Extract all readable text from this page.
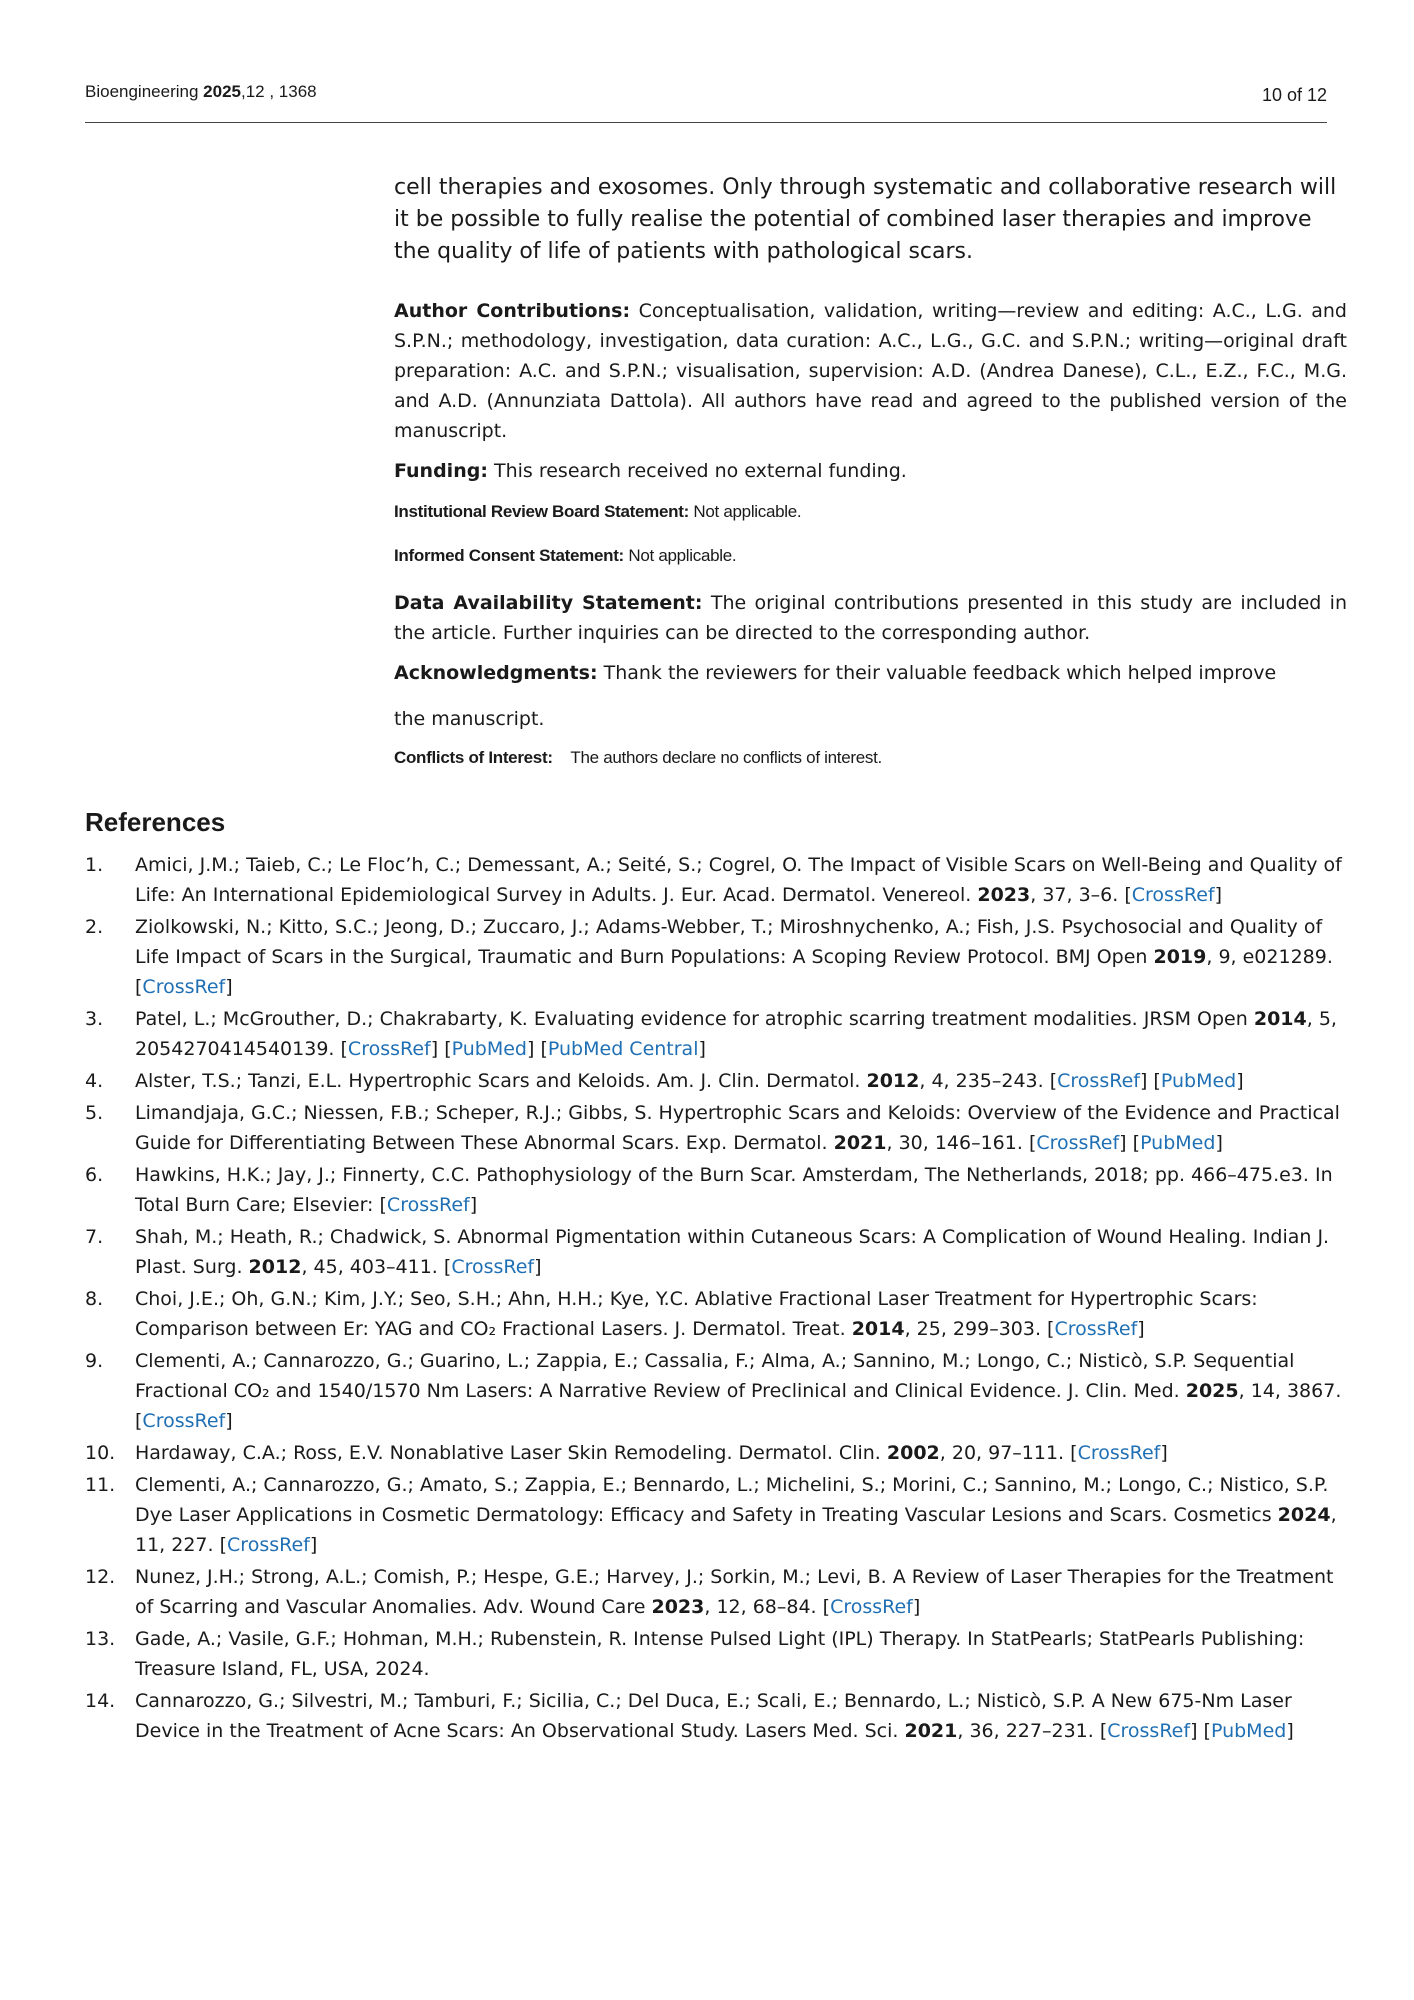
Bioengineering 2025,12 , 1368	10 of 12

cell therapies and exosomes. Only through systematic and collaborative research will it be possible to fully realise the potential of combined laser therapies and improve the quality of life of patients with pathological scars.

Author Contributions: Conceptualisation, validation, writing—review and editing: A.C., L.G. and S.P.N.; methodology, investigation, data curation: A.C., L.G., G.C. and S.P.N.; writing—original draft preparation: A.C. and S.P.N.; visualisation, supervision: A.D. (Andrea Danese), C.L., E.Z., F.C., M.G. and A.D. (Annunziata Dattola). All authors have read and agreed to the published version of the manuscript.

Funding: This research received no external funding.

Institutional Review Board Statement: Not applicable.

Informed Consent Statement: Not applicable.

Data Availability Statement: The original contributions presented in this study are included in the article. Further inquiries can be directed to the corresponding author.

Acknowledgments: Thank the reviewers for their valuable feedback which helped improve

the manuscript.

Conflicts of Interest: The authors declare no conflicts of interest.

References
1. Amici, J.M.; Taieb, C.; Le Floc’h, C.; Demessant, A.; Seité, S.; Cogrel, O. The Impact of Visible Scars on Well-Being and Quality of Life: An International Epidemiological Survey in Adults. J. Eur. Acad. Dermatol. Venereol. 2023, 37, 3–6. [CrossRef]
2. Ziolkowski, N.; Kitto, S.C.; Jeong, D.; Zuccaro, J.; Adams-Webber, T.; Miroshnychenko, A.; Fish, J.S. Psychosocial and Quality of Life Impact of Scars in the Surgical, Traumatic and Burn Populations: A Scoping Review Protocol. BMJ Open 2019, 9, e021289. [CrossRef]
3. Patel, L.; McGrouther, D.; Chakrabarty, K. Evaluating evidence for atrophic scarring treatment modalities. JRSM Open 2014, 5, 2054270414540139. [CrossRef] [PubMed] [PubMed Central]
4. Alster, T.S.; Tanzi, E.L. Hypertrophic Scars and Keloids. Am. J. Clin. Dermatol. 2012, 4, 235–243. [CrossRef] [PubMed]
5. Limandjaja, G.C.; Niessen, F.B.; Scheper, R.J.; Gibbs, S. Hypertrophic Scars and Keloids: Overview of the Evidence and Practical Guide for Differentiating Between These Abnormal Scars. Exp. Dermatol. 2021, 30, 146–161. [CrossRef] [PubMed]
6. Hawkins, H.K.; Jay, J.; Finnerty, C.C. Pathophysiology of the Burn Scar. Amsterdam, The Netherlands, 2018; pp. 466–475.e3. In Total Burn Care; Elsevier: [CrossRef]
7. Shah, M.; Heath, R.; Chadwick, S. Abnormal Pigmentation within Cutaneous Scars: A Complication of Wound Healing. Indian J. Plast. Surg. 2012, 45, 403–411. [CrossRef]
8. Choi, J.E.; Oh, G.N.; Kim, J.Y.; Seo, S.H.; Ahn, H.H.; Kye, Y.C. Ablative Fractional Laser Treatment for Hypertrophic Scars: Comparison between Er: YAG and CO₂ Fractional Lasers. J. Dermatol. Treat. 2014, 25, 299–303. [CrossRef]
9. Clementi, A.; Cannarozzo, G.; Guarino, L.; Zappia, E.; Cassalia, F.; Alma, A.; Sannino, M.; Longo, C.; Nisticò, S.P. Sequential Fractional CO₂ and 1540/1570 Nm Lasers: A Narrative Review of Preclinical and Clinical Evidence. J. Clin. Med. 2025, 14, 3867. [CrossRef]
10. Hardaway, C.A.; Ross, E.V. Nonablative Laser Skin Remodeling. Dermatol. Clin. 2002, 20, 97–111. [CrossRef]
11. Clementi, A.; Cannarozzo, G.; Amato, S.; Zappia, E.; Bennardo, L.; Michelini, S.; Morini, C.; Sannino, M.; Longo, C.; Nistico, S.P. Dye Laser Applications in Cosmetic Dermatology: Efficacy and Safety in Treating Vascular Lesions and Scars. Cosmetics 2024, 11, 227. [CrossRef]
12. Nunez, J.H.; Strong, A.L.; Comish, P.; Hespe, G.E.; Harvey, J.; Sorkin, M.; Levi, B. A Review of Laser Therapies for the Treatment of Scarring and Vascular Anomalies. Adv. Wound Care 2023, 12, 68–84. [CrossRef]
13. Gade, A.; Vasile, G.F.; Hohman, M.H.; Rubenstein, R. Intense Pulsed Light (IPL) Therapy. In StatPearls; StatPearls Publishing: Treasure Island, FL, USA, 2024.
14. Cannarozzo, G.; Silvestri, M.; Tamburi, F.; Sicilia, C.; Del Duca, E.; Scali, E.; Bennardo, L.; Nisticò, S.P. A New 675-Nm Laser Device in the Treatment of Acne Scars: An Observational Study. Lasers Med. Sci. 2021, 36, 227–231. [CrossRef] [PubMed]
